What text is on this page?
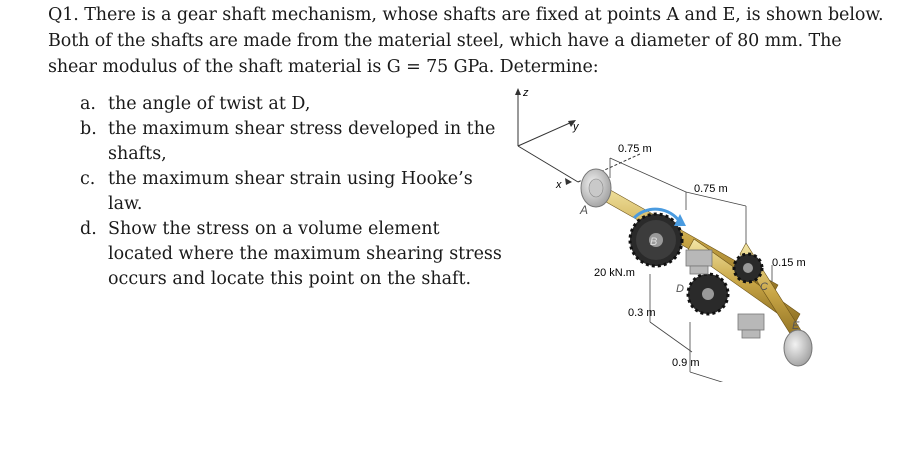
Q1. There is a gear shaft mechanism, whose shafts are fixed at points A and E, is shown below. Both of the shafts are made from the material steel, which have a diameter of 80 mm. The shear modulus of the shaft material is G = 75 GPa. Determine:
a. the angle of twist at D,
b. the maximum shear stress developed in the shafts,
c. the maximum shear strain using Hooke’s law.
d. Show the stress on a volume element located where the maximum shearing stress occurs and locate this point on the shaft.
z
y
x
A
B
D	C
E
0.75 m
0.75 m
0.15 m
20 kN.m
0.3 m
0.9 m
